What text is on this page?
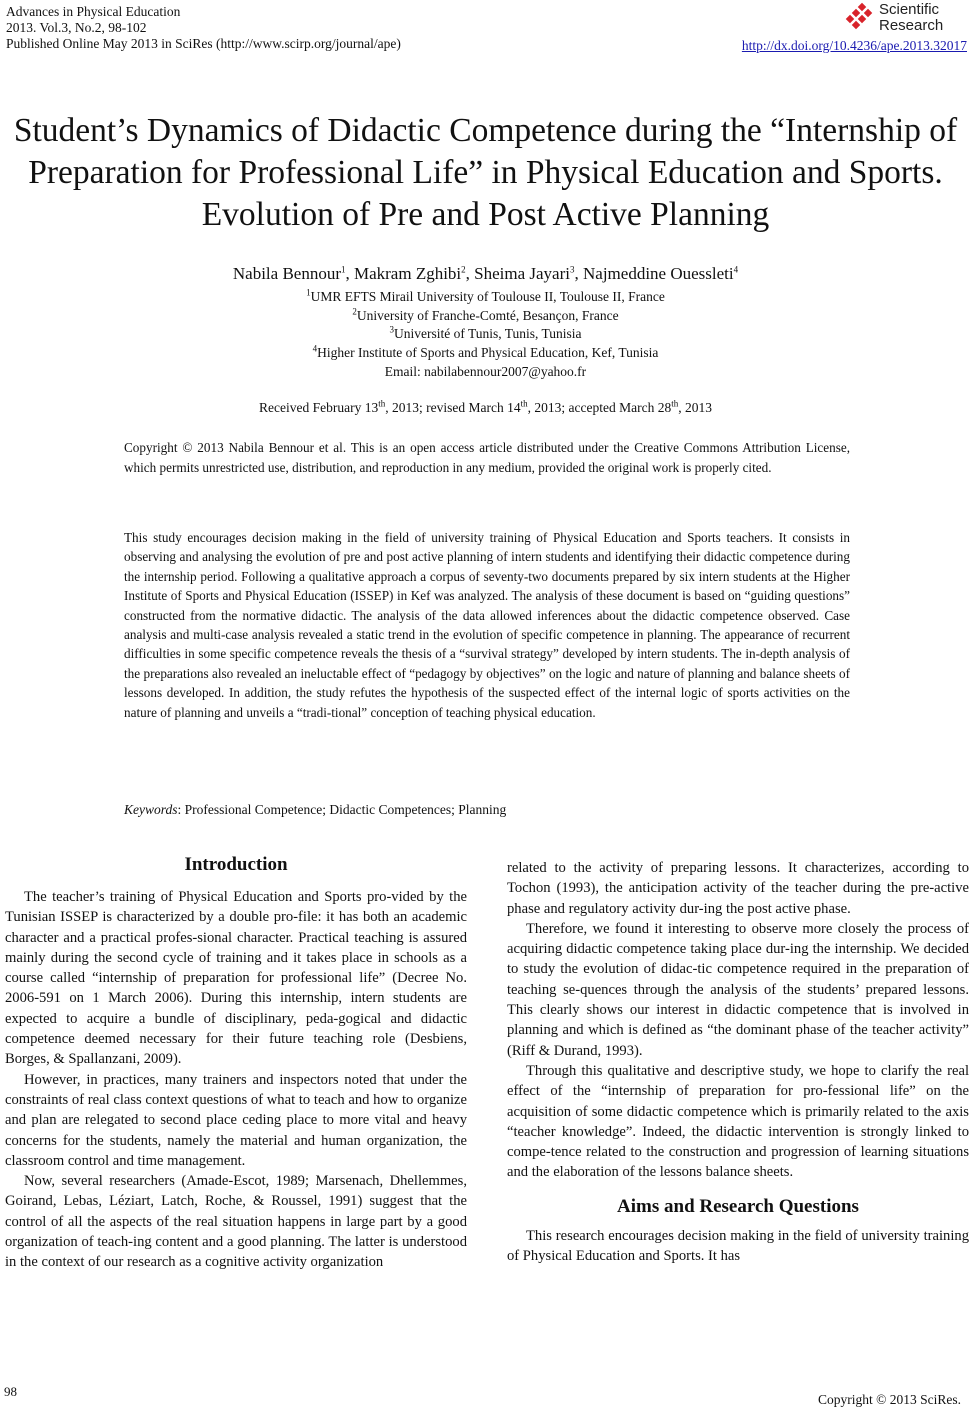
Advances in Physical Education
2013. Vol.3, No.2, 98-102
Published Online May 2013 in SciRes (http://www.scirp.org/journal/ape)
Scientific
Research
http://dx.doi.org/10.4236/ape.2013.32017
Student’s Dynamics of Didactic Competence during the “Internship of Preparation for Professional Life” in Physical Education and Sports. Evolution of Pre and Post Active Planning
Nabila Bennour$^1$, Makram Zghibi$^2$, Sheima Jayari$^3$, Najmeddine Ouessleti$^4$
$^1$UMR EFTS Mirail University of Toulouse II, Toulouse II, France
$^2$University of Franche-Comté, Besançon, France
$^3$Université of Tunis, Tunis, Tunisia
$^4$Higher Institute of Sports and Physical Education, Kef, Tunisia
Email: nabilabennour2007@yahoo.fr
Received February 13th, 2013; revised March 14th, 2013; accepted March 28th, 2013
Copyright © 2013 Nabila Bennour et al. This is an open access article distributed under the Creative Commons Attribution License, which permits unrestricted use, distribution, and reproduction in any medium, provided the original work is properly cited.
This study encourages decision making in the field of university training of Physical Education and Sports teachers. It consists in observing and analysing the evolution of pre and post active planning of intern students and identifying their didactic competence during the internship period. Following a qualitative approach a corpus of seventy-two documents prepared by six intern students at the Higher Institute of Sports and Physical Education (ISSEP) in Kef was analyzed. The analysis of these document is based on “guiding questions” constructed from the normative didactic. The analysis of the data allowed inferences about the didactic competence observed. Case analysis and multi-case analysis revealed a static trend in the evolution of specific competence in planning. The appearance of recurrent difficulties in some specific competence reveals the thesis of a “survival strategy” developed by intern students. The in-depth analysis of the preparations also revealed an ineluctable effect of “pedagogy by objectives” on the logic and nature of planning and balance sheets of lessons developed. In addition, the study refutes the hypothesis of the suspected effect of the internal logic of sports activities on the nature of planning and unveils a “tradi-tional” conception of teaching physical education.
Keywords: Professional Competence; Didactic Competences; Planning
Introduction

The teacher’s training of Physical Education and Sports pro-vided by the Tunisian ISSEP is characterized by a double pro-file: it has both an academic character and a practical profes-sional character. Practical teaching is assured mainly during the second cycle of training and it takes place in schools as a course called “internship of preparation for professional life” (Decree No. 2006-591 on 1 March 2006). During this internship, intern students are expected to acquire a bundle of disciplinary, peda-gogical and didactic competence deemed necessary for their future teaching role (Desbiens, Borges, & Spallanzani, 2009).

However, in practices, many trainers and inspectors noted that under the constraints of real class context questions of what to teach and how to organize and plan are relegated to second place ceding place to more vital and heavy concerns for the students, namely the material and human organization, the classroom control and time management.

Now, several researchers (Amade-Escot, 1989; Marsenach, Dhellemmes, Goirand, Lebas, Léziart, Latch, Roche, & Roussel, 1991) suggest that the control of all the aspects of the real situation happens in large part by a good organization of teach-ing content and a good planning. The latter is understood in the context of our research as a cognitive activity organization

related to the activity of preparing lessons. It characterizes, according to Tochon (1993), the anticipation activity of the teacher during the pre-active phase and regulatory activity dur-ing the post active phase.

Therefore, we found it interesting to observe more closely the process of acquiring didactic competence taking place dur-ing the internship. We decided to study the evolution of didac-tic competence required in the preparation of teaching se-quences through the analysis of the students’ prepared lessons. This clearly shows our interest in didactic competence that is involved in planning and which is defined as “the dominant phase of the teacher activity” (Riff & Durand, 1993).

Through this qualitative and descriptive study, we hope to clarify the real effect of the “internship of preparation for pro-fessional life” on the acquisition of some didactic competence which is primarily related to the axis “teacher knowledge”. Indeed, the didactic intervention is strongly linked to compe-tence related to the construction and progression of learning situations and the elaboration of the lessons balance sheets.

Aims and Research Questions

This research encourages decision making in the field of university training of Physical Education and Sports. It has

98
Copyright © 2013 SciRes.
